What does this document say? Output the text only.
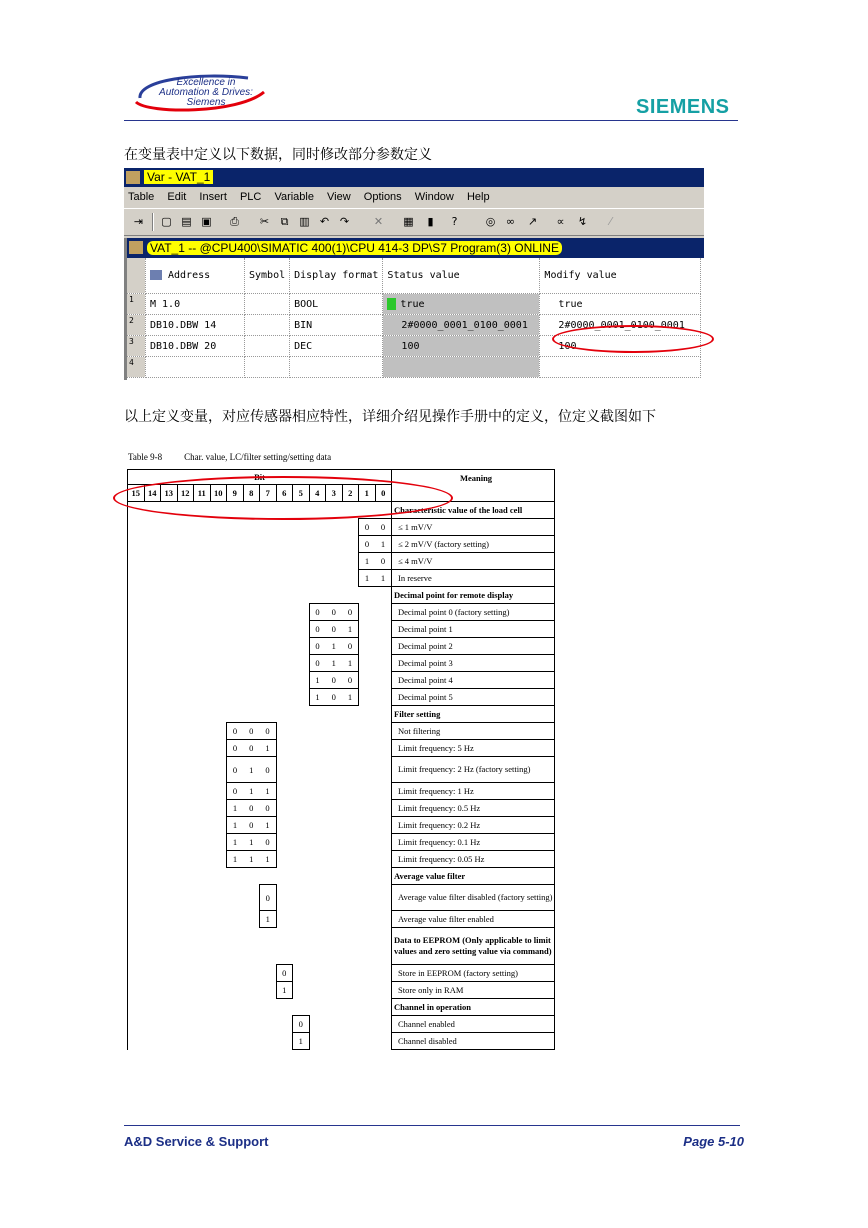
Excellence in
Automation & Drives:
Siemens	SIEMENS
在变量表中定义以下数据，同时修改部分参数定义
Var - VAT_1
Table Edit Insert PLC Variable View Options Window Help
⇥	▢ ▤ ▣	⎙	✂	⧉ ▥ ↶ ↷	✕	▦	▮	?	◎ ∞	↗	∝	↯	⁄
VAT_1 -- @CPU400\SIMATIC 400(1)\CPU 414-3 DP\S7 Program(3) ONLINE
	Address	Symbol	Display format	Status value	Modify value
1	M 1.0		BOOL	true	true
2	DB10.DBW 14		BIN	2#0000_0001_0100_0001	2#0000_0001_0100_0001
3	DB10.DBW 20		DEC	100	100
4					
以上定义变量，对应传感器相应特性，详细介绍见操作手册中的定义，位定义截图如下
Table 9-8 Char. value, LC/filter setting/setting data
Bit																Meaning
15	14	13	12	11	10	9	8	7	6	5	4	3	2	1	0	
																Characteristic value of the load cell
														0	0	≤ 1 mV/V
														0	1	≤ 2 mV/V (factory setting)
														1	0	≤ 4 mV/V
														1	1	In reserve
																Decimal point for remote display
											0	0	0			Decimal point 0 (factory setting)
											0	0	1			Decimal point 1
											0	1	0			Decimal point 2
											0	1	1			Decimal point 3
											1	0	0			Decimal point 4
											1	0	1			Decimal point 5
																Filter setting
						0	0	0								Not filtering
						0	0	1								Limit frequency: 5 Hz
						0	1	0								Limit frequency: 2 Hz (factory setting)
						0	1	1								Limit frequency: 1 Hz
						1	0	0								Limit frequency: 0.5 Hz
						1	0	1								Limit frequency: 0.2 Hz
						1	1	0								Limit frequency: 0.1 Hz
						1	1	1								Limit frequency: 0.05 Hz
																Average value filter
								0								Average value filter disabled (factory setting)
								1								Average value filter enabled
																Data to EEPROM (Only applicable to limit values and zero setting value via command)
									0							Store in EEPROM (factory setting)
									1							Store only in RAM
																Channel in operation
										0						Channel enabled
										1						Channel disabled
A&D Service & Support	Page 5-10
